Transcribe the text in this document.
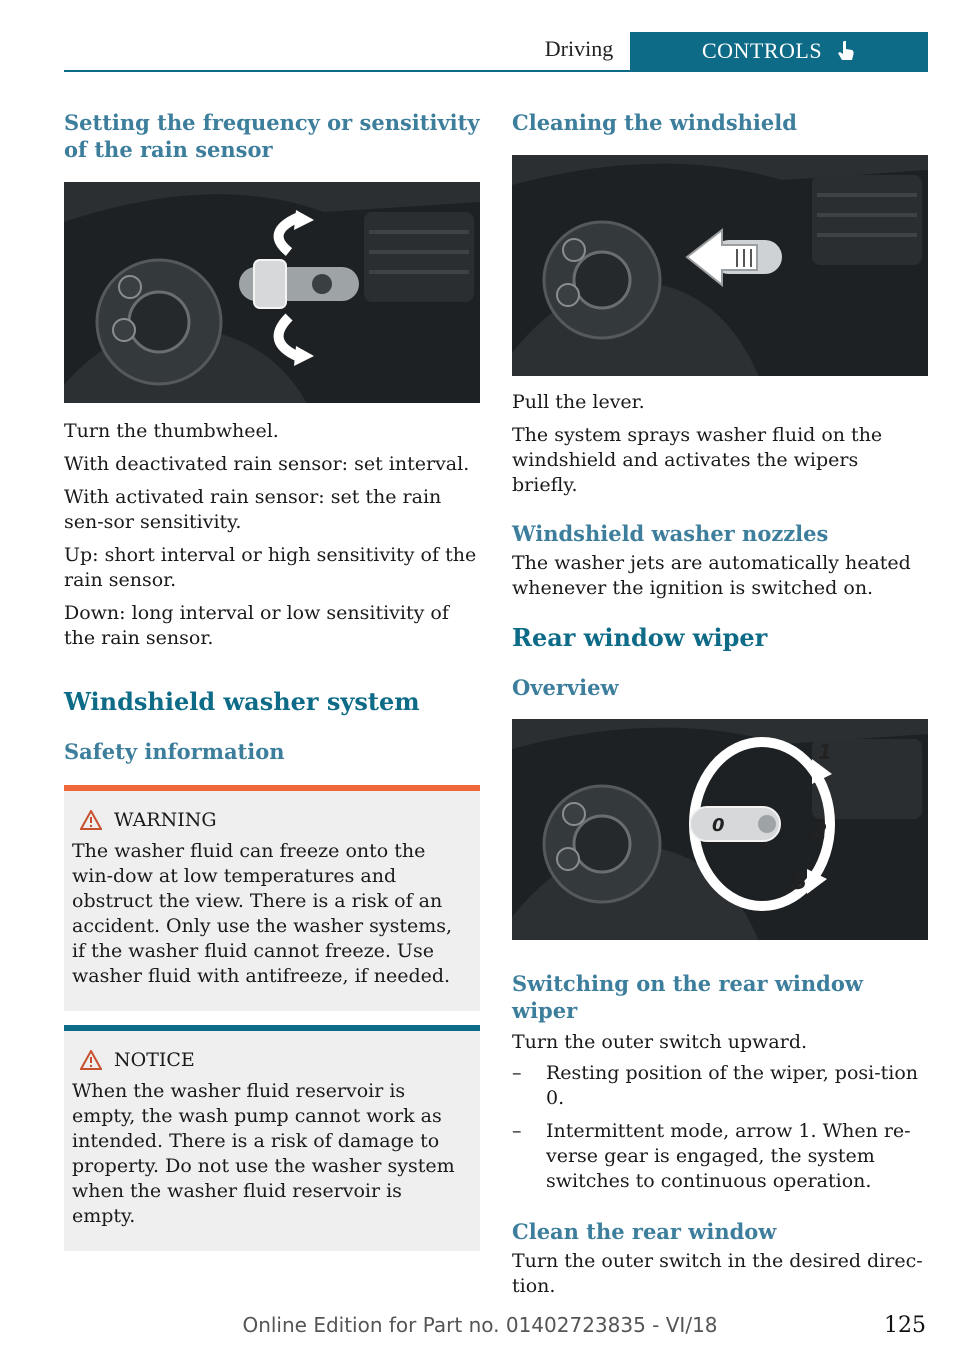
Driving	CONTROLS
Setting the frequency or sensitivity of the rain sensor

Turn the thumbwheel.

With deactivated rain sensor: set interval.

With activated rain sensor: set the rain sen-sor sensitivity.

Up: short interval or high sensitivity of the rain sensor.

Down: long interval or low sensitivity of the rain sensor.

Windshield washer system
Safety information
WARNING

The washer fluid can freeze onto the win-dow at low temperatures and obstruct the view. There is a risk of an accident. Only use the washer systems, if the washer fluid cannot freeze. Use washer fluid with antifreeze, if needed.

NOTICE

When the washer fluid reservoir is empty, the wash pump cannot work as intended. There is a risk of damage to property. Do not use the washer system when the washer fluid reservoir is empty.

Cleaning the windshield

Pull the lever.

The system sprays washer fluid on the windshield and activates the wipers briefly.

Windshield washer nozzles

The washer jets are automatically heated whenever the ignition is switched on.

Rear window wiper
Overview
0
1
2
3
Switching on the rear window wiper

Turn the outer switch upward.

– Resting position of the wiper, posi-tion 0.
– Intermittent mode, arrow 1. When re-verse gear is engaged, the system switches to continuous operation.
Clean the rear window

Turn the outer switch in the desired direc-tion.

Online Edition for Part no. 01402723835 - VI/18	125
